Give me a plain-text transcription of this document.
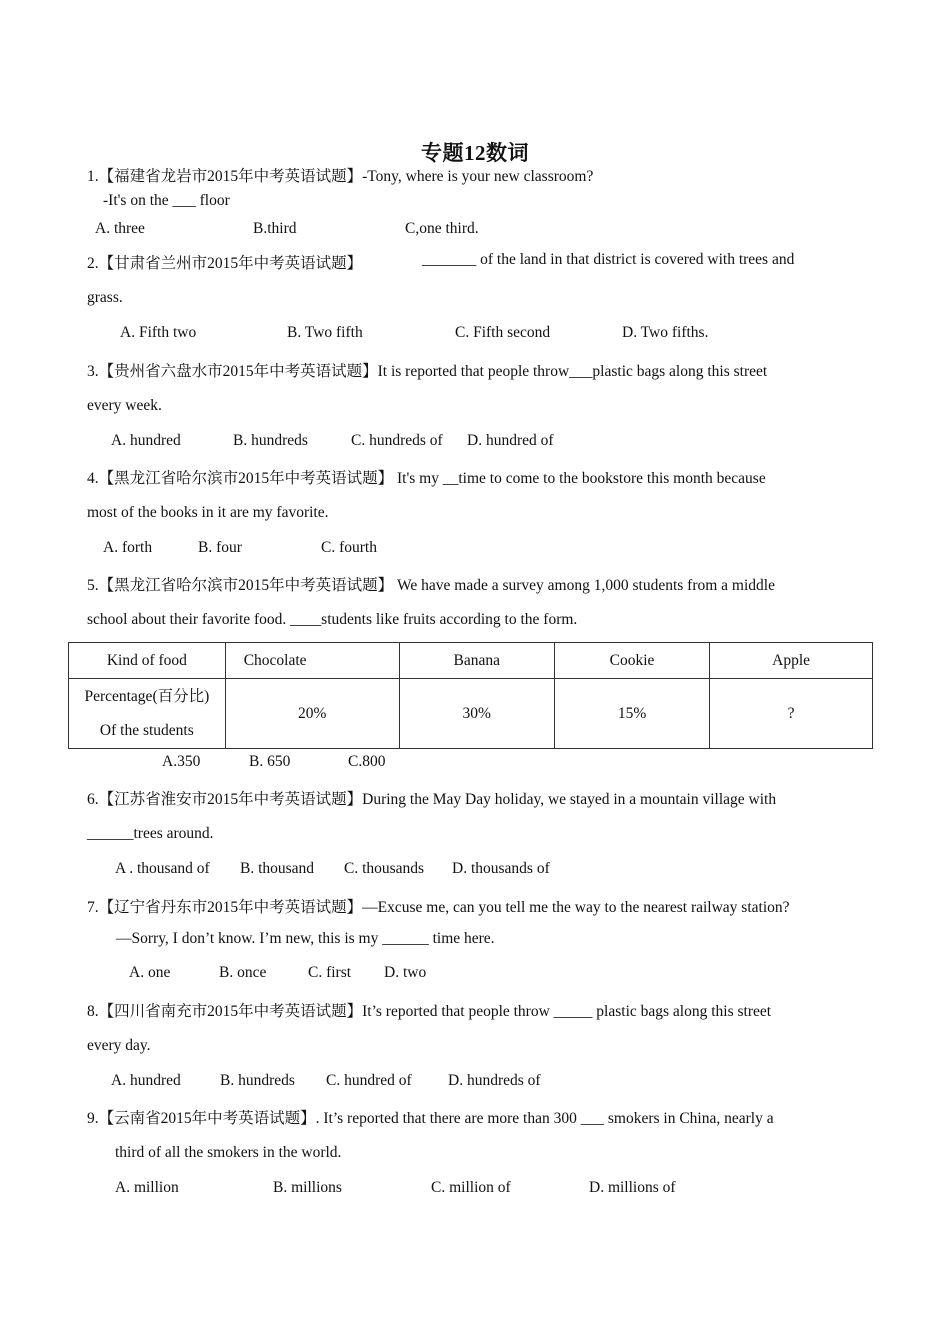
专题12数词
1.【福建省龙岩市2015年中考英语试题】-Tony, where is your new classroom?
-It's on the ___ floor
A. three	B.third	C,one third.
2.【甘肃省兰州市2015年中考英语试题】	_______ of the land in that district is covered with trees and
grass.
A. Fifth two	B. Two fifth	C. Fifth second	D. Two fifths.
3.【贵州省六盘水市2015年中考英语试题】It is reported that people throw___plastic bags along this street
every week.
A. hundred	B. hundreds	C. hundreds of D. hundred of
4.【黑龙江省哈尔滨市2015年中考英语试题】 It's my __time to come to the bookstore this month because
most of the books in it are my favorite.
A. forth	B. four	C. fourth
5.【黑龙江省哈尔滨市2015年中考英语试题】 We have made a survey among 1,000 students from a middle
school about their favorite food. ____students like fruits according to the form.
Kind of food	Chocolate	Banana	Cookie	Apple

Percentage(百分比)
Of the students	20%	30%	15%	?
A.350	B. 650	C.800
6.【江苏省淮安市2015年中考英语试题】During the May Day holiday, we stayed in a mountain village with
______trees around.
A . thousand of B. thousand C. thousands D. thousands of
7.【辽宁省丹东市2015年中考英语试题】—Excuse me, can you tell me the way to the nearest railway station?
—Sorry, I don’t know. I’m new, this is my ______ time here.
A. one	B. once	C. first D. two
8.【四川省南充市2015年中考英语试题】It’s reported that people throw _____ plastic bags along this street
every day.
A. hundred	B. hundreds C. hundred of D. hundreds of
9.【云南省2015年中考英语试题】. It’s reported that there are more than 300 ___ smokers in China, nearly a
third of all the smokers in the world.
A. million	B. millions	C. million of	D. millions of
